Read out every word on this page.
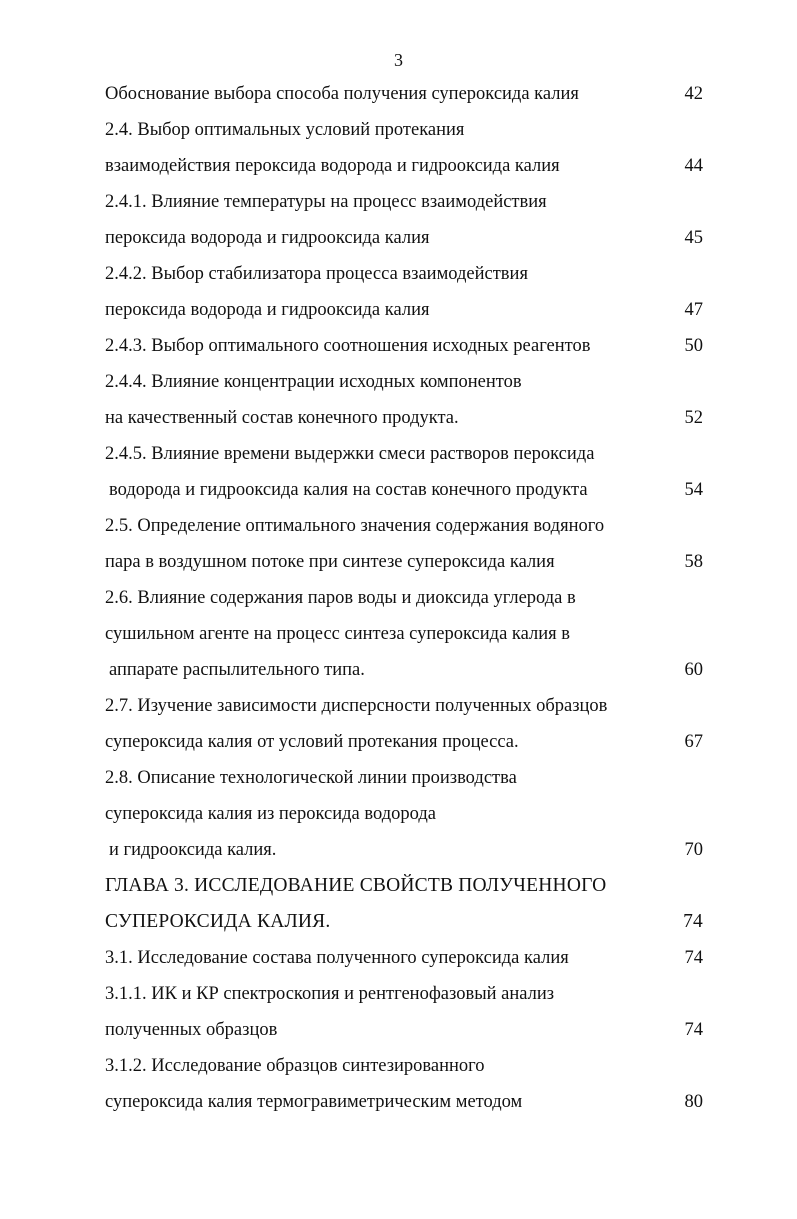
3
Обоснование выбора способа получения супероксида калия	42
2.4. Выбор оптимальных условий протекания
взаимодействия пероксида водорода и гидрооксида калия	44
2.4.1. Влияние температуры на процесс взаимодействия
пероксида водорода и гидрооксида калия	45
2.4.2. Выбор стабилизатора процесса взаимодействия
пероксида водорода и гидрооксида калия	47
2.4.3. Выбор оптимального соотношения исходных реагентов	50
2.4.4. Влияние концентрации исходных компонентов
на качественный состав конечного продукта.	52
2.4.5. Влияние времени выдержки смеси растворов пероксида
водорода и гидрооксида калия на состав конечного продукта	54
2.5. Определение оптимального значения содержания водяного
пара в воздушном потоке при синтезе супероксида калия	58
2.6. Влияние содержания паров воды и диоксида углерода в
сушильном агенте на процесс синтеза супероксида калия в
аппарате распылительного типа.	60
2.7. Изучение зависимости дисперсности полученных образцов
супероксида калия от условий протекания процесса.	67
2.8. Описание технологической линии производства
супероксида калия из пероксида водорода
и гидрооксида калия.	70
ГЛАВА 3. ИССЛЕДОВАНИЕ СВОЙСТВ ПОЛУЧЕННОГО
СУПЕРОКСИДА КАЛИЯ.	74
3.1. Исследование состава полученного супероксида калия	74
3.1.1. ИК и КР спектроскопия и рентгенофазовый анализ
полученных образцов	74
3.1.2. Исследование образцов синтезированного
супероксида калия термогравиметрическим методом	80
